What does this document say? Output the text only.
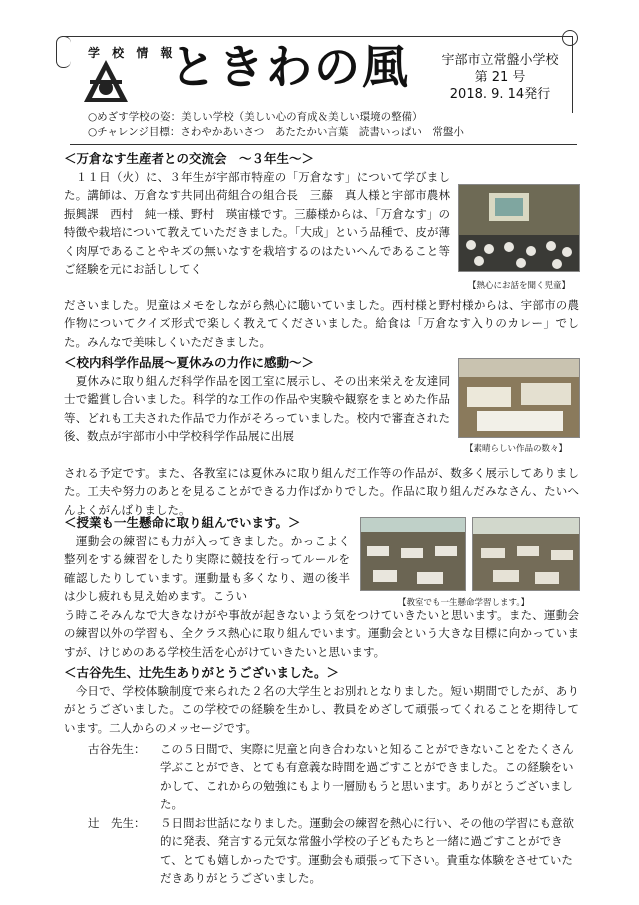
学 校 情 報
ときわの風	宇部市立常盤小学校
第 21 号
2018. 9. 14発行
○めざす学校の姿：美しい学校（美しい心の育成＆美しい環境の整備）
○チャレンジ目標：さわやかあいさつ　あたたかい言葉　読書いっぱい　常盤小
＜万倉なす生産者との交流会　～３年生～＞
　１１日（火）に、３年生が宇部市特産の「万倉なす」について学びました。講師は、万倉なす共同出荷組合の組合長　三藤　真人様と宇部市農林振興課　西村　純一様、野村　瑛宙様です。三藤様からは、「万倉なす」の特徴や栽培について教えていただきました。「大成」という品種で、皮が薄く肉厚であることやキズの無いなすを栽培するのはたいへんであること等ご経験を元にお話ししてく
ださいました。児童はメモをしながら熱心に聴いていました。西村様と野村様からは、宇部市の農作物についてクイズ形式で楽しく教えてくださいました。給食は「万倉なす入りのカレー」でした。みんなで美味しくいただきました。
【熱心にお話を聞く児童】
＜校内科学作品展～夏休みの力作に感動～＞
　夏休みに取り組んだ科学作品を図工室に展示し、その出来栄えを友達同士で鑑賞し合いました。科学的な工作の作品や実験や観察をまとめた作品等、どれも工夫された作品で力作がそろっていました。校内で審査された後、数点が宇部市小中学校科学作品展に出展
される予定です。また、各教室には夏休みに取り組んだ工作等の作品が、数多く展示してありました。工夫や努力のあとを見ることができる力作ばかりでした。作品に取り組んだみなさん、たいへんよくがんばりました。
【素晴らしい作品の数々】
＜授業も一生懸命に取り組んでいます。＞
　運動会の練習にも力が入ってきました。かっこよく整列をする練習をしたり実際に競技を行ってルールを確認したりしています。運動量も多くなり、週の後半は少し疲れも見え始めます。こうい
う時こそみんなで大きなけがや事故が起きないよう気をつけていきたいと思います。また、運動会の練習以外の学習も、全クラス熱心に取り組んでいます。運動会という大きな目標に向かっていますが、けじめのある学校生活を心がけていきたいと思います。
【教室でも一生懸命学習します。】
＜古谷先生、辻先生ありがとうございました。＞
　今日で、学校体験制度で来られた２名の大学生とお別れとなりました。短い期間でしたが、ありがとうございました。この学校での経験を生かし、教員をめざして頑張ってくれることを期待しています。二人からのメッセージです。
古谷先生：	この５日間で、実際に児童と向き合わないと知ることができないことをたくさん学ぶことができ、とても有意義な時間を過ごすことができました。この経験をいかして、これからの勉強にもより一層励もうと思います。ありがとうございました。
辻　先生：	５日間お世話になりました。運動会の練習を熱心に行い、その他の学習にも意欲的に発表、発言する元気な常盤小学校の子どもたちと一緒に過ごすことができて、とても嬉しかったです。運動会も頑張って下さい。貴重な体験をさせていただきありがとうございました。
